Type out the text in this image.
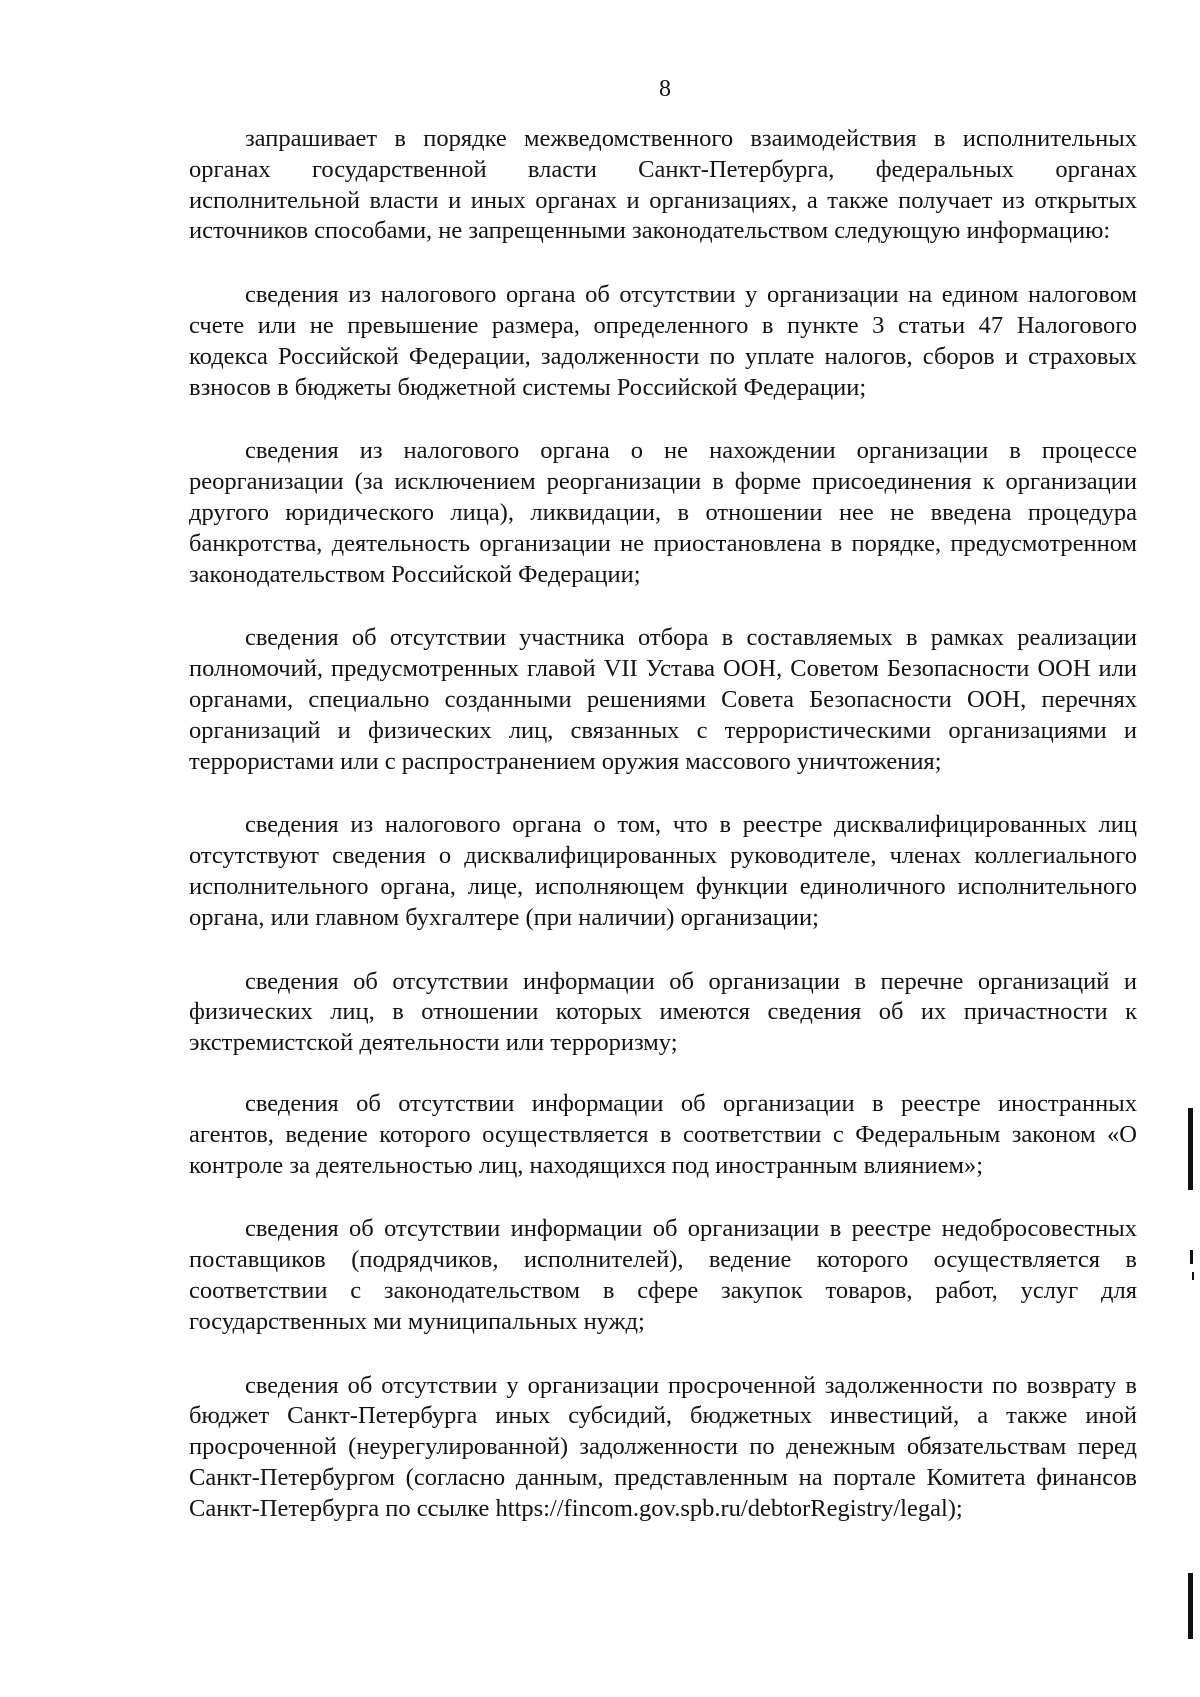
8

запрашивает в порядке межведомственного взаимодействия в исполнительных органах государственной власти Санкт-Петербурга, федеральных органах исполнительной власти и иных органах и организациях, а также получает из открытых источников способами, не запрещенными законодательством следующую информацию:

сведения из налогового органа об отсутствии у организации на едином налоговом счете или не превышение размера, определенного в пункте 3 статьи 47 Налогового кодекса Российской Федерации, задолженности по уплате налогов, сборов и страховых взносов в бюджеты бюджетной системы Российской Федерации;

сведения из налогового органа о не нахождении организации в процессе реорганизации (за исключением реорганизации в форме присоединения к организации другого юридического лица), ликвидации, в отношении нее не введена процедура банкротства, деятельность организации не приостановлена в порядке, предусмотренном законодательством Российской Федерации;

сведения об отсутствии участника отбора в составляемых в рамках реализации полномочий, предусмотренных главой VII Устава ООН, Советом Безопасности ООН или органами, специально созданными решениями Совета Безопасности ООН, перечнях организаций и физических лиц, связанных с террористическими организациями и террористами или с распространением оружия массового уничтожения;

сведения из налогового органа о том, что в реестре дисквалифицированных лиц отсутствуют сведения о дисквалифицированных руководителе, членах коллегиального исполнительного органа, лице, исполняющем функции единоличного исполнительного органа, или главном бухгалтере (при наличии) организации;

сведения об отсутствии информации об организации в перечне организаций и физических лиц, в отношении которых имеются сведения об их причастности к экстремистской деятельности или терроризму;

сведения об отсутствии информации об организации в реестре иностранных агентов, ведение которого осуществляется в соответствии с Федеральным законом «О контроле за деятельностью лиц, находящихся под иностранным влиянием»;

сведения об отсутствии информации об организации в реестре недобросовестных поставщиков (подрядчиков, исполнителей), ведение которого осуществляется в соответствии с законодательством в сфере закупок товаров, работ, услуг для государственных ми муниципальных нужд;

сведения об отсутствии у организации просроченной задолженности по возврату в бюджет Санкт-Петербурга иных субсидий, бюджетных инвестиций, а также иной просроченной (неурегулированной) задолженности по денежным обязательствам перед Санкт-Петербургом (согласно данным, представленным на портале Комитета финансов Санкт-Петербурга по ссылке https://fincom.gov.spb.ru/debtorRegistry/legal);
